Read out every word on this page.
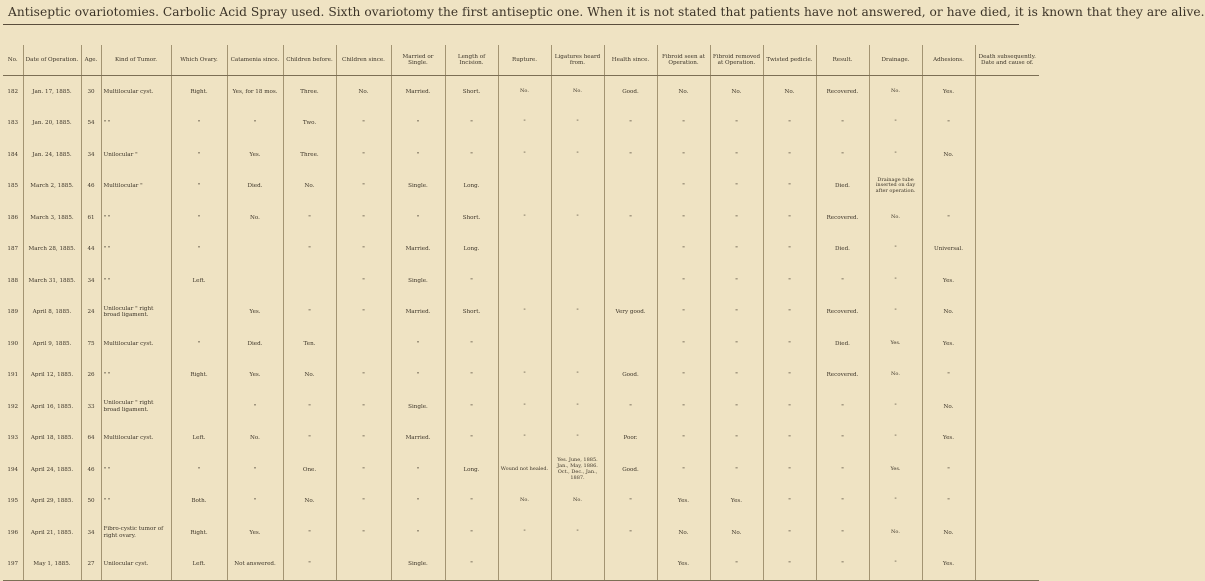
Antiseptic ovariotomies. Carbolic Acid Spray used. Sixth ovariotomy the first antiseptic one. When it is not stated that patients have not answered, or have died, it is known that they are alive.
No.	Date of Operation.	Age.	Kind of Tumor.	Which Ovary.	Catamenia since.	Children before.	Children since.	Married or Single.	Length of Incision.	Rupture.	Ligatures heard from.	Health since.	Fibroid seen at Operation.	Fibroid removed at Operation.	Twisted pedicle.	Result.	Drainage.	Adhesions.	Death subsequently. Date and cause of.
182	Jan. 17, 1885.	30	Multilocular cyst.	Right.	Yes, for 18 mos.	Three.	No.	Married.	Short.	No.	No.	Good.	No.	No.	No.	Recovered.	No.	Yes.	
183	Jan. 20, 1885.	54	" "	"	"	Two.	"	"	"	"	"	"	"	"	"	"	"	"	
184	Jan. 24, 1885.	34	Unilocular "	"	Yes.	Three.	"	"	"	"	"	"	"	"	"	"	"	No.	
185	March 2, 1885.	46	Multilocular "	"	Died.	No.	"	Single.	Long.				"	"	"	Died.	Drainage tube inserted on day after operation.		
186	March 3, 1885.	61	" "	"	No.	"	"	"	Short.	"	"	"	"	"	"	Recovered.	No.	"	
187	March 28, 1885.	44	" "	"		"	"	Married.	Long.				"	"	"	Died.	"	Universal.	
188	March 31, 1885.	34	" "	Left.			"	Single.	"				"	"	"	"	"	Yes.	
189	April 8, 1885.	24	Unilocular " right broad ligament.		Yes.	"	"	Married.	Short.	"	"	Very good.	"	"	"	Recovered.	"	No.	
190	April 9, 1885.	75	Multilocular cyst.	"	Died.	Ten.		"	"				"	"	"	Died.	Yes.	Yes.	
191	April 12, 1885.	26	" "	Right.	Yes.	No.	"	"	"	"	"	Good.	"	"	"	Recovered.	No.	"	
192	April 16, 1885.	33	Unilocular " right broad ligament.		"	"	"	Single.	"	"	"	"	"	"	"	"	"	No.	
193	April 18, 1885.	64	Multilocular cyst.	Left.	No.	"	"	Married.	"	"	"	Poor.	"	"	"	"	"	Yes.	
194	April 24, 1885.	46	" "	"	"	One.	"	"	Long.	Wound not healed.	Yes. June, 1885. Jan., May, 1886. Oct., Dec., Jan., 1887.	Good.	"	"	"	"	Yes.	"	
195	April 29, 1885.	50	" "	Both.	"	No.	"	"	"	No.	No.	"	Yes.	Yes.	"	"	"	"	
196	April 21, 1885.	34	Fibro-cystic tumor of right ovary.	Right.	Yes.	"	"	"	"	"	"	"	No.	No.	"	"	No.	No.	
197	May 1, 1885.	27	Unilocular cyst.	Left.	Not answered.	"		Single.	"				Yes.	"	"	"	"	Yes.	
